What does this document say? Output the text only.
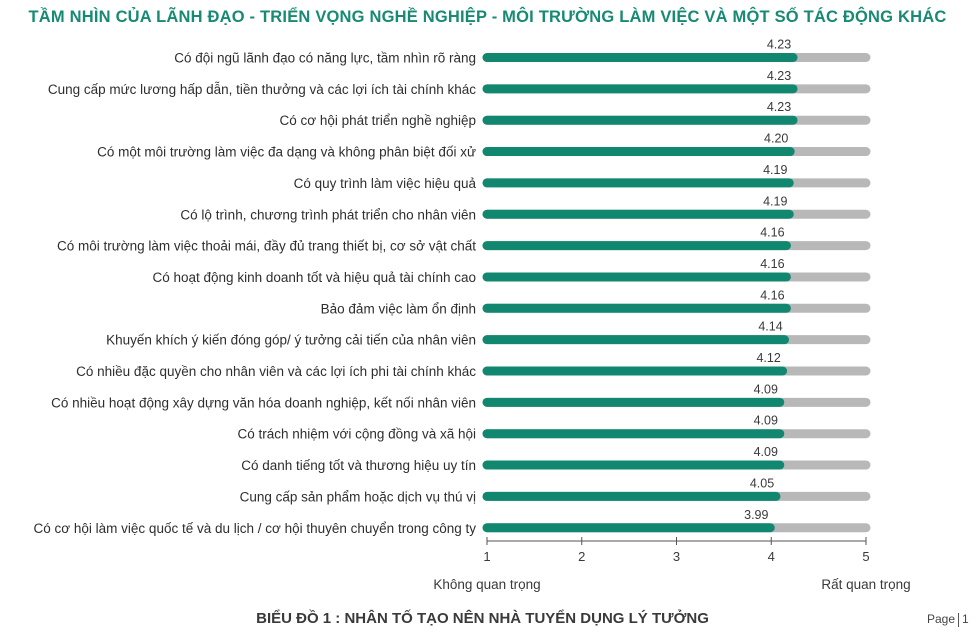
TẦM NHÌN CỦA LÃNH ĐẠO - TRIỂN VỌNG NGHỀ NGHIỆP - MÔI TRƯỜNG LÀM VIỆC VÀ MỘT SỐ TÁC ĐỘNG KHÁC
4.23
Có đội ngũ lãnh đạo có năng lực, tầm nhìn rõ ràng
4.23
Cung cấp mức lương hấp dẫn, tiền thưởng và các lợi ích tài chính khác
4.23
Có cơ hội phát triển nghề nghiệp
4.20
Có một môi trường làm việc đa dạng và không phân biệt đối xử
4.19
Có quy trình làm việc hiệu quả
4.19
Có lộ trình, chương trình phát triển cho nhân viên
4.16
Có môi trường làm việc thoải mái, đầy đủ trang thiết bị, cơ sở vật chất
4.16
Có hoạt động kinh doanh tốt và hiệu quả tài chính cao
4.16
Bảo đảm việc làm ổn định
4.14
Khuyến khích ý kiến đóng góp/ ý tưởng cải tiến của nhân viên
4.12
Có nhiều đặc quyền cho nhân viên và các lợi ích phi tài chính khác
4.09
Có nhiều hoạt động xây dựng văn hóa doanh nghiệp, kết nối nhân viên
4.09
Có trách nhiệm với cộng đồng và xã hội
4.09
Có danh tiếng tốt và thương hiệu uy tín
4.05
Cung cấp sản phẩm hoặc dịch vụ thú vị
3.99
Có cơ hội làm việc quốc tế và du lịch / cơ hội thuyên chuyển trong công ty
1	2	3	4	5
Không quan trọng	Rất quan trọng
BIỂU ĐỒ 1 : NHÂN TỐ TẠO NÊN NHÀ TUYỂN DỤNG LÝ TƯỞNG	Page 1
